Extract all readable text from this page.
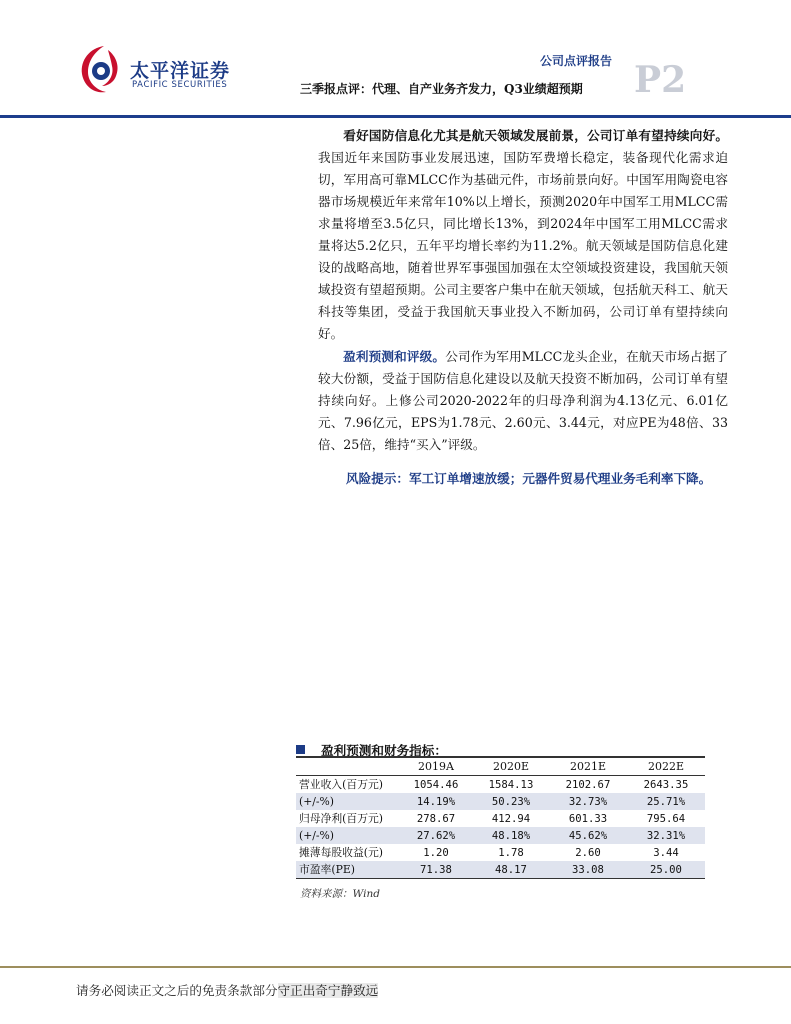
太平洋证券
PACIFIC SECURITIES
公司点评报告
三季报点评：代理、自产业务齐发力，Q3业绩超预期 P2

看好国防信息化尤其是航天领域发展前景，公司订单有望持续向好。我国近年来国防事业发展迅速，国防军费增长稳定，装备现代化需求迫切，军用高可靠MLCC作为基础元件，市场前景向好。中国军用陶瓷电容器市场规模近年来常年10%以上增长，预测2020年中国军工用MLCC需求量将增至3.5亿只，同比增长13%，到2024年中国军工用MLCC需求量将达5.2亿只，五年平均增长率约为11.2%。航天领域是国防信息化建设的战略高地，随着世界军事强国加强在太空领域投资建设，我国航天领域投资有望超预期。公司主要客户集中在航天领域，包括航天科工、航天科技等集团，受益于我国航天事业投入不断加码，公司订单有望持续向好。

盈利预测和评级。公司作为军用MLCC龙头企业，在航天市场占据了较大份额，受益于国防信息化建设以及航天投资不断加码，公司订单有望持续向好。上修公司2020-2022年的归母净利润为4.13亿元、6.01亿元、7.96亿元，EPS为1.78元、2.60元、3.44元，对应PE为48倍、33倍、25倍，维持“买入”评级。

风险提示：军工订单增速放缓；元器件贸易代理业务毛利率下降。
盈利预测和财务指标：
	2019A	2020E	2021E	2022E
营业收入(百万元)	1054.46	1584.13	2102.67	2643.35
(+/-%)	14.19%	50.23%	32.73%	25.71%
归母净利(百万元)	278.67	412.94	601.33	795.64
(+/-%)	27.62%	48.18%	45.62%	32.31%
摊薄每股收益(元)	1.20	1.78	2.60	3.44
市盈率(PE)	71.38	48.17	33.08	25.00
资料来源：Wind
请务必阅读正文之后的免责条款部分守正出奇宁静致远
